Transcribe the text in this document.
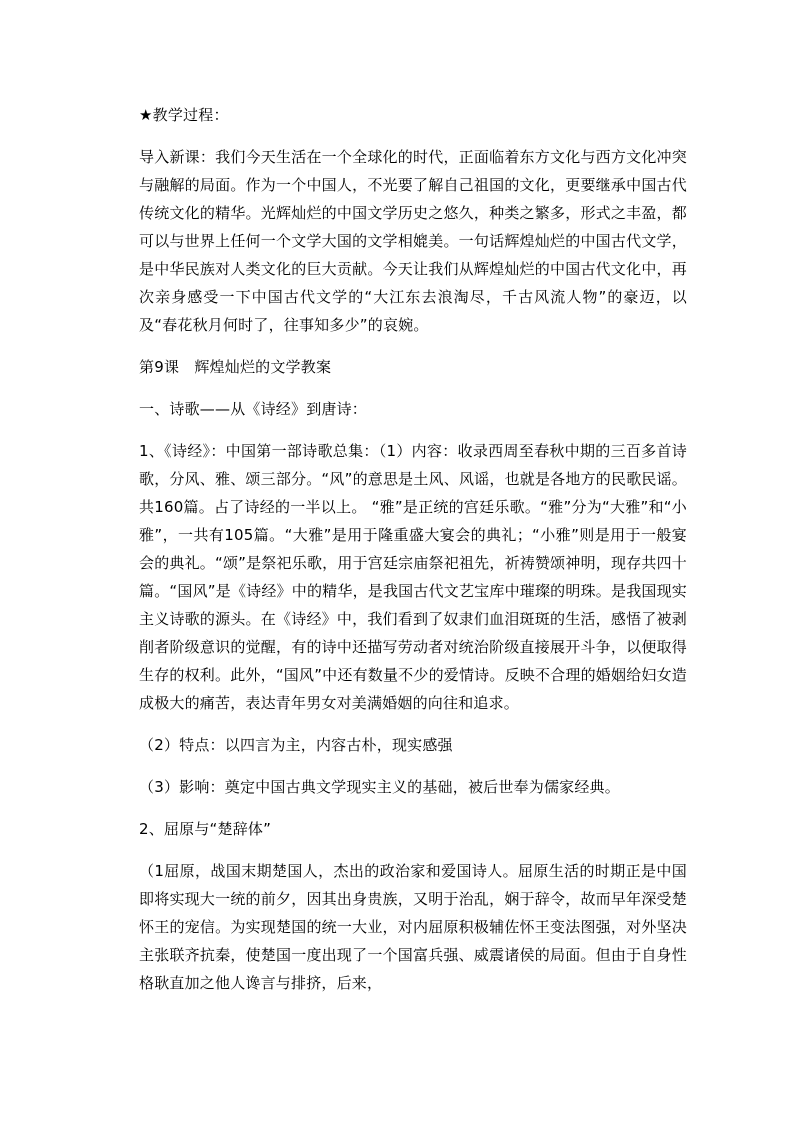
★教学过程：

导入新课：我们今天生活在一个全球化的时代，正面临着东方文化与西方文化冲突与融解的局面。作为一个中国人，不光要了解自己祖国的文化，更要继承中国古代传统文化的精华。光辉灿烂的中国文学历史之悠久，种类之繁多，形式之丰盈，都可以与世界上任何一个文学大国的文学相媲美。一句话辉煌灿烂的中国古代文学，是中华民族对人类文化的巨大贡献。今天让我们从辉煌灿烂的中国古代文化中，再次亲身感受一下中国古代文学的“大江东去浪淘尽，千古风流人物”的豪迈，以及“春花秋月何时了，往事知多少”的哀婉。

第9课　辉煌灿烂的文学教案

一、诗歌——从《诗经》到唐诗：

1、《诗经》：中国第一部诗歌总集：（1）内容：收录西周至春秋中期的三百多首诗歌，分风、雅、颂三部分。“风”的意思是土风、风谣，也就是各地方的民歌民谣。共160篇。占了诗经的一半以上。 “雅”是正统的宫廷乐歌。“雅”分为“大雅”和“小雅”，一共有105篇。“大雅”是用于隆重盛大宴会的典礼；“小雅”则是用于一般宴会的典礼。“颂”是祭祀乐歌，用于宫廷宗庙祭祀祖先，祈祷赞颂神明，现存共四十篇。“国风”是《诗经》中的精华，是我国古代文艺宝库中璀璨的明珠。是我国现实主义诗歌的源头。在《诗经》中，我们看到了奴隶们血泪斑斑的生活，感悟了被剥削者阶级意识的觉醒，有的诗中还描写劳动者对统治阶级直接展开斗争，以便取得生存的权利。此外，“国风”中还有数量不少的爱情诗。反映不合理的婚姻给妇女造成极大的痛苦，表达青年男女对美满婚姻的向往和追求。

（2）特点：以四言为主，内容古朴，现实感强

（3）影响：奠定中国古典文学现实主义的基础，被后世奉为儒家经典。

2、屈原与“楚辞体”

（1屈原，战国末期楚国人，杰出的政治家和爱国诗人。屈原生活的时期正是中国即将实现大一统的前夕，因其出身贵族，又明于治乱，娴于辞令，故而早年深受楚怀王的宠信。为实现楚国的统一大业，对内屈原积极辅佐怀王变法图强，对外坚决主张联齐抗秦，使楚国一度出现了一个国富兵强、威震诸侯的局面。但由于自身性格耿直加之他人谗言与排挤，后来，
